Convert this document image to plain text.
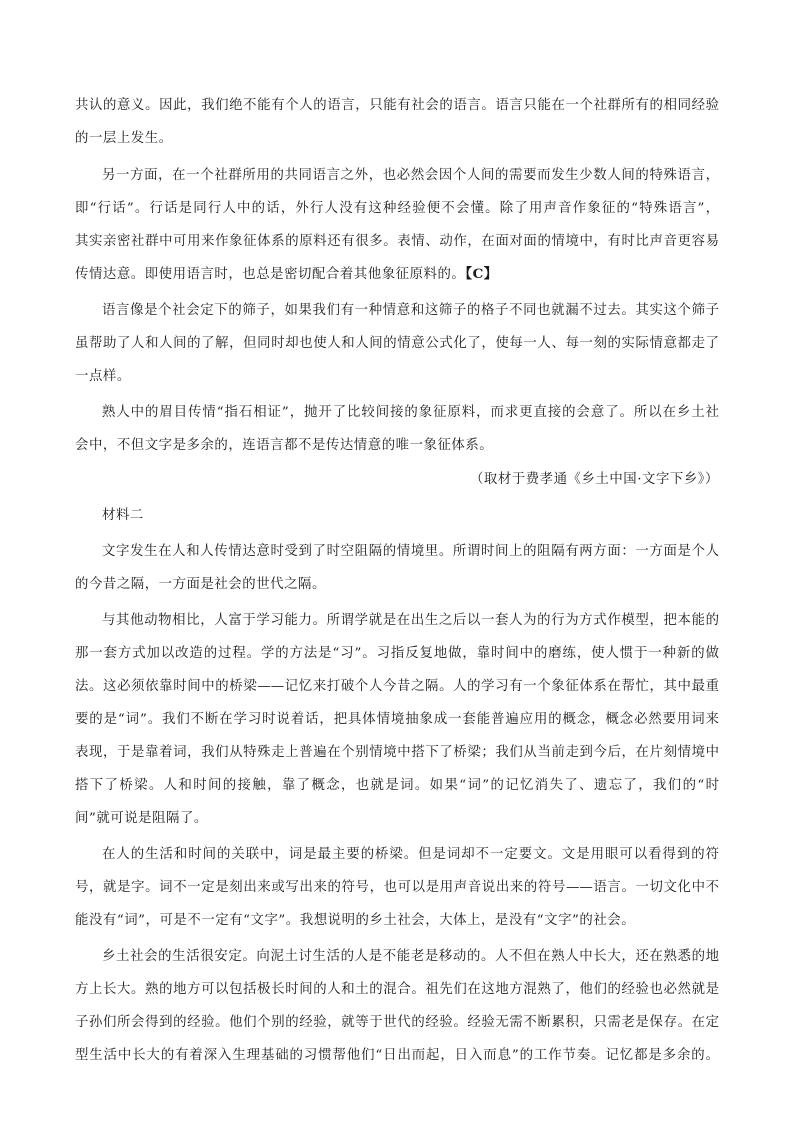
共认的意义。因此，我们绝不能有个人的语言，只能有社会的语言。语言只能在一个社群所有的相同经验
的一层上发生。
另一方面，在一个社群所用的共同语言之外，也必然会因个人间的需要而发生少数人间的特殊语言，
即“行话”。行话是同行人中的话，外行人没有这种经验便不会懂。除了用声音作象征的“特殊语言”，
其实亲密社群中可用来作象征体系的原料还有很多。表情、动作，在面对面的情境中，有时比声音更容易
传情达意。即使用语言时，也总是密切配合着其他象征原料的。【C】
语言像是个社会定下的筛子，如果我们有一种情意和这筛子的格子不同也就漏不过去。其实这个筛子
虽帮助了人和人间的了解，但同时却也使人和人间的情意公式化了，使每一人、每一刻的实际情意都走了
一点样。
熟人中的眉目传情“指石相证”，抛开了比较间接的象征原料，而求更直接的会意了。所以在乡土社
会中，不但文字是多余的，连语言都不是传达情意的唯一象征体系。
（取材于费孝通《乡土中国·文字下乡》）
材料二
文字发生在人和人传情达意时受到了时空阻隔的情境里。所谓时间上的阻隔有两方面：一方面是个人
的今昔之隔，一方面是社会的世代之隔。
与其他动物相比，人富于学习能力。所谓学就是在出生之后以一套人为的行为方式作模型，把本能的
那一套方式加以改造的过程。学的方法是“习”。习指反复地做，靠时间中的磨练，使人惯于一种新的做
法。这必须依靠时间中的桥梁——记忆来打破个人今昔之隔。人的学习有一个象征体系在帮忙，其中最重
要的是“词”。我们不断在学习时说着话，把具体情境抽象成一套能普遍应用的概念，概念必然要用词来
表现，于是靠着词，我们从特殊走上普遍在个别情境中搭下了桥梁；我们从当前走到今后，在片刻情境中
搭下了桥梁。人和时间的接触，靠了概念，也就是词。如果“词”的记忆消失了、遗忘了，我们的“时
间”就可说是阻隔了。
在人的生活和时间的关联中，词是最主要的桥梁。但是词却不一定要文。文是用眼可以看得到的符
号，就是字。词不一定是刻出来或写出来的符号，也可以是用声音说出来的符号——语言。一切文化中不
能没有“词”，可是不一定有“文字”。我想说明的乡土社会，大体上，是没有“文字”的社会。
乡土社会的生活很安定。向泥土讨生活的人是不能老是移动的。人不但在熟人中长大，还在熟悉的地
方上长大。熟的地方可以包括极长时间的人和土的混合。祖先们在这地方混熟了，他们的经验也必然就是
子孙们所会得到的经验。他们个别的经验，就等于世代的经验。经验无需不断累积，只需老是保存。在定
型生活中长大的有着深入生理基础的习惯帮他们“日出而起，日入而息”的工作节奏。记忆都是多余的。
